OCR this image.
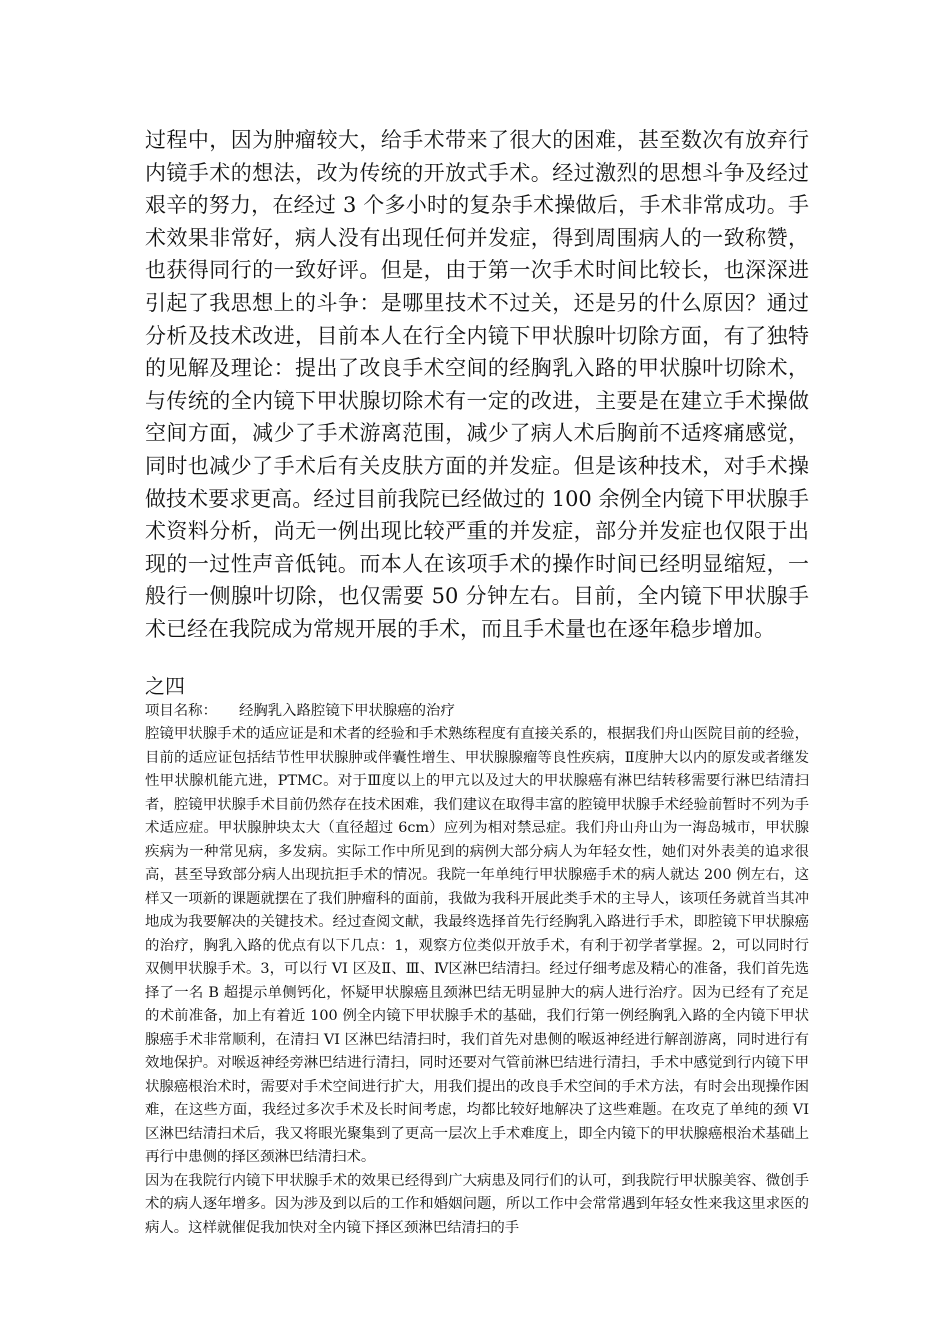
过程中，因为肿瘤较大，给手术带来了很大的困难，甚至数次有放弃行内镜手术的想法，改为传统的开放式手术。经过激烈的思想斗争及经过艰辛的努力，在经过 3 个多小时的复杂手术操做后，手术非常成功。手术效果非常好，病人没有出现任何并发症，得到周围病人的一致称赞，也获得同行的一致好评。但是，由于第一次手术时间比较长，也深深进引起了我思想上的斗争：是哪里技术不过关，还是另的什么原因？通过分析及技术改进，目前本人在行全内镜下甲状腺叶切除方面，有了独特的见解及理论：提出了改良手术空间的经胸乳入路的甲状腺叶切除术，与传统的全内镜下甲状腺切除术有一定的改进，主要是在建立手术操做空间方面，减少了手术游离范围，减少了病人术后胸前不适疼痛感觉，同时也减少了手术后有关皮肤方面的并发症。但是该种技术，对手术操做技术要求更高。经过目前我院已经做过的 100 余例全内镜下甲状腺手术资料分析，尚无一例出现比较严重的并发症，部分并发症也仅限于出现的一过性声音低钝。而本人在该项手术的操作时间已经明显缩短，一般行一侧腺叶切除，也仅需要 50 分钟左右。目前，全内镜下甲状腺手术已经在我院成为常规开展的手术，而且手术量也在逐年稳步增加。

之四

项目名称： 经胸乳入路腔镜下甲状腺癌的治疗

腔镜甲状腺手术的适应证是和术者的经验和手术熟练程度有直接关系的，根据我们舟山医院目前的经验，目前的适应证包括结节性甲状腺肿或伴囊性增生、甲状腺腺瘤等良性疾病，Ⅱ度肿大以内的原发或者继发性甲状腺机能亢进，PTMC。对于Ⅲ度以上的甲亢以及过大的甲状腺癌有淋巴结转移需要行淋巴结清扫者，腔镜甲状腺手术目前仍然存在技术困难，我们建议在取得丰富的腔镜甲状腺手术经验前暂时不列为手术适应症。甲状腺肿块太大（直径超过 6cm）应列为相对禁忌症。我们舟山舟山为一海岛城市，甲状腺疾病为一种常见病，多发病。实际工作中所见到的病例大部分病人为年轻女性，她们对外表美的追求很高，甚至导致部分病人出现抗拒手术的情况。我院一年单纯行甲状腺癌手术的病人就达 200 例左右，这样又一项新的课题就摆在了我们肿瘤科的面前，我做为我科开展此类手术的主导人，该项任务就首当其冲地成为我要解决的关键技术。经过查阅文献，我最终选择首先行经胸乳入路进行手术，即腔镜下甲状腺癌的治疗，胸乳入路的优点有以下几点：1，观察方位类似开放手术，有利于初学者掌握。2，可以同时行双侧甲状腺手术。3，可以行 VI 区及Ⅱ、Ⅲ、Ⅳ区淋巴结清扫。经过仔细考虑及精心的准备，我们首先选择了一名 B 超提示单侧钙化，怀疑甲状腺癌且颈淋巴结无明显肿大的病人进行治疗。因为已经有了充足的术前准备，加上有着近 100 例全内镜下甲状腺手术的基础，我们行第一例经胸乳入路的全内镜下甲状腺癌手术非常顺利，在清扫 VI 区淋巴结清扫时，我们首先对患侧的喉返神经进行解剖游离，同时进行有效地保护。对喉返神经旁淋巴结进行清扫，同时还要对气管前淋巴结进行清扫，手术中感觉到行内镜下甲状腺癌根治术时，需要对手术空间进行扩大，用我们提出的改良手术空间的手术方法，有时会出现操作困难，在这些方面，我经过多次手术及长时间考虑，均都比较好地解决了这些难题。在攻克了单纯的颈 VI 区淋巴结清扫术后，我又将眼光聚集到了更高一层次上手术难度上，即全内镜下的甲状腺癌根治术基础上再行中患侧的择区颈淋巴结清扫术。

因为在我院行内镜下甲状腺手术的效果已经得到广大病患及同行们的认可，到我院行甲状腺美容、微创手术的病人逐年增多。因为涉及到以后的工作和婚姻问题，所以工作中会常常遇到年轻女性来我这里求医的病人。这样就催促我加快对全内镜下择区颈淋巴结清扫的手
